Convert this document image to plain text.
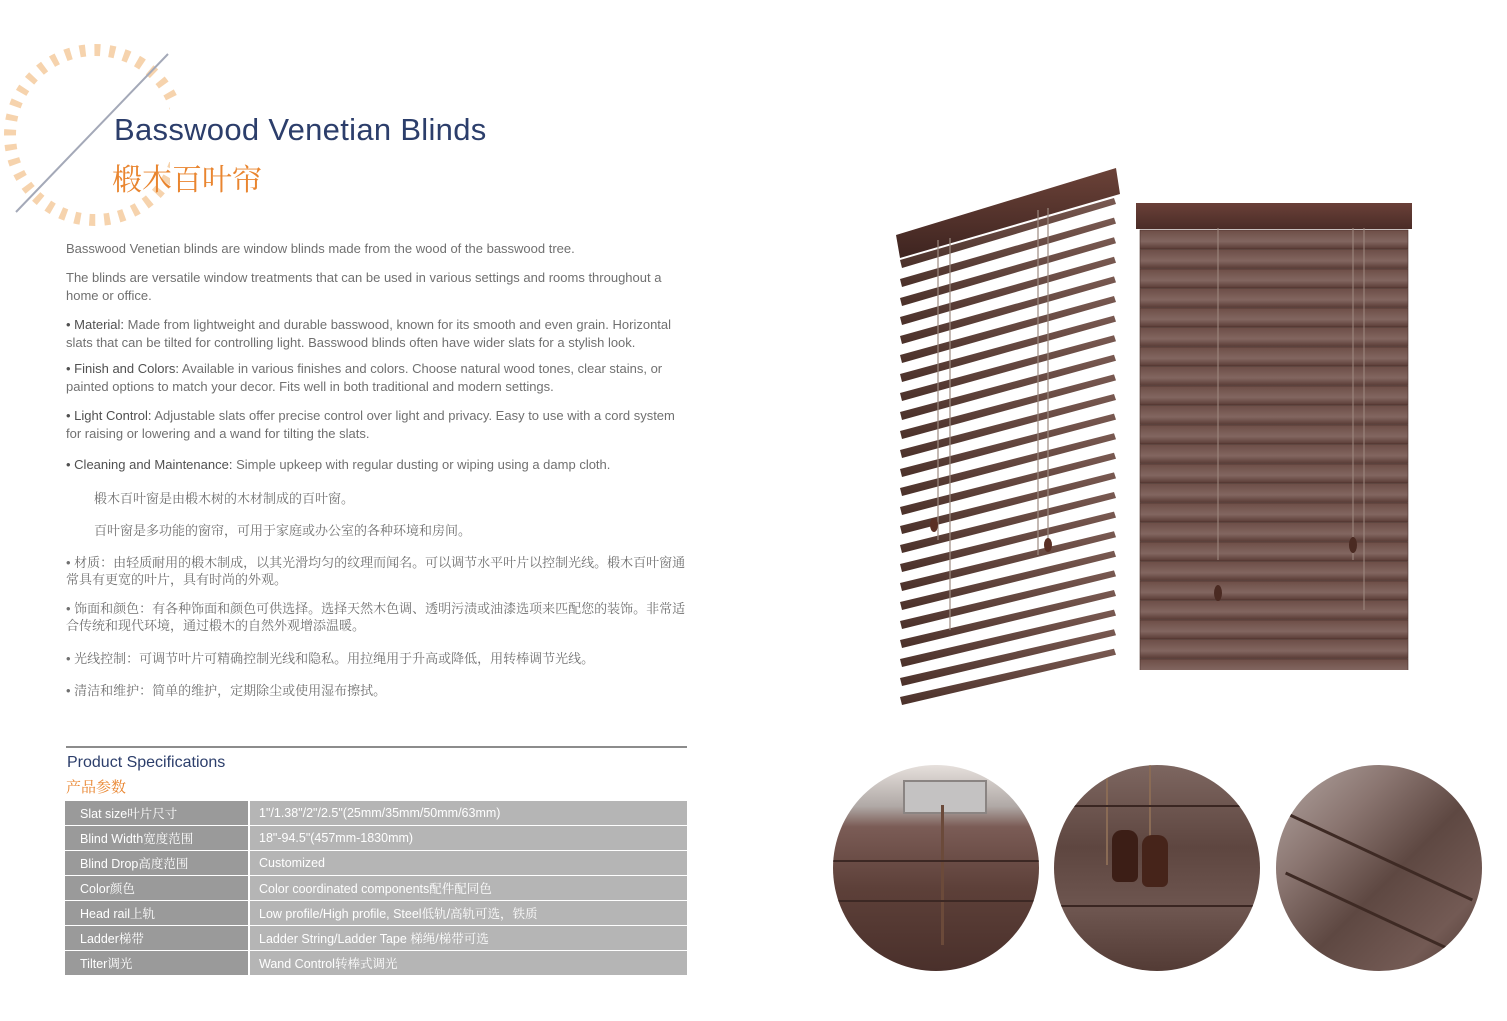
Basswood Venetian Blinds
椴木百叶帘

Basswood Venetian blinds are window blinds made from the wood of the basswood tree.

The blinds are versatile window treatments that can be used in various settings and rooms throughout a home or office.

• Material: Made from lightweight and durable basswood, known for its smooth and even grain. Horizontal slats that can be tilted for controlling light. Basswood blinds often have wider slats for a stylish look.

• Finish and Colors: Available in various finishes and colors. Choose natural wood tones, clear stains, or painted options to match your decor. Fits well in both traditional and modern settings.

• Light Control: Adjustable slats offer precise control over light and privacy. Easy to use with a cord system for raising or lowering and a wand for tilting the slats.

• Cleaning and Maintenance: Simple upkeep with regular dusting or wiping using a damp cloth.

椴木百叶窗是由椴木树的木材制成的百叶窗。

百叶窗是多功能的窗帘，可用于家庭或办公室的各种环境和房间。

• 材质：由轻质耐用的椴木制成，以其光滑均匀的纹理而闻名。可以调节水平叶片以控制光线。椴木百叶窗通常具有更宽的叶片，具有时尚的外观。

• 饰面和颜色：有各种饰面和颜色可供选择。选择天然木色调、透明污渍或油漆选项来匹配您的装饰。非常适合传统和现代环境，通过椴木的自然外观增添温暖。

• 光线控制：可调节叶片可精确控制光线和隐私。用拉绳用于升高或降低，用转棒调节光线。

• 清洁和维护：简单的维护，定期除尘或使用湿布擦拭。

Product Specifications
产品参数
Slat size叶片尺寸	1"/1.38"/2"/2.5"(25mm/35mm/50mm/63mm)
Blind Width宽度范围	18"-94.5"(457mm-1830mm)
Blind Drop高度范围	Customized
Color颜色	Color coordinated components配件配同色
Head rail上轨	Low profile/High profile, Steel低轨/高轨可选，铁质
Ladder梯带	Ladder String/Ladder Tape 梯绳/梯带可选
Tilter调光	Wand Control转棒式调光
